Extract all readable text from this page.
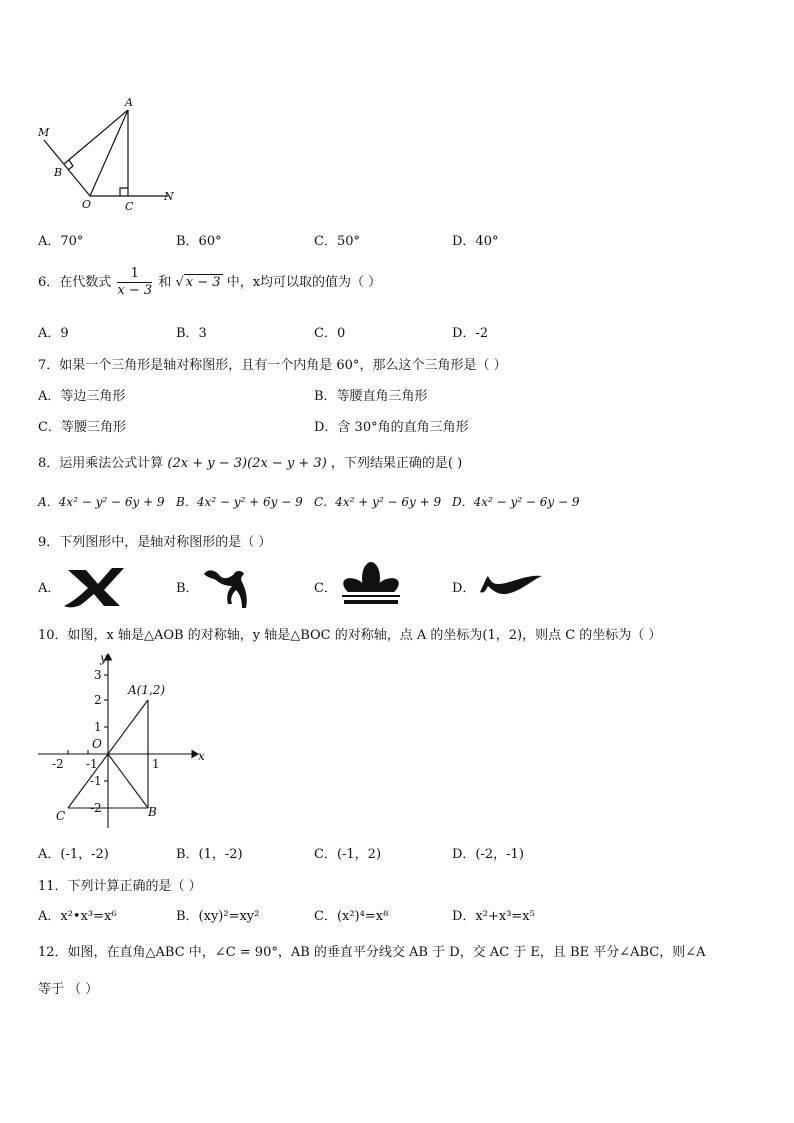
M
A
B
O	C
N
A．70°	B．60°	C．50°	D．40°
6．在代数式 $\frac{1}{x - 3}$ 和 √ x − 3 中，x均可以取的值为（ ）
A．9	B．3	C．0	D．-2
7．如果一个三角形是轴对称图形，且有一个内角是 60°，那么这个三角形是（ ）
A．等边三角形	B．等腰直角三角形
C．等腰三角形	D．含 30°角的直角三角形
8．运用乘法公式计算 (2x + y − 3)(2x − y + 3) ，下列结果正确的是( )
A．4x² − y² − 6y + 9 B．4x² − y² + 6y − 9 C．4x² + y² − 6y + 9 D．4x² − y² − 6y − 9
9．下列图形中，是轴对称图形的是（ ）
A．	B．	C．	D．
10．如图，x 轴是△AOB 的对称轴，y 轴是△BOC 的对称轴，点 A 的坐标为(1，2)，则点 C 的坐标为（ ）
y
x
O
A(1,2)
B
C
3
2
1
-1
-2
-2 -1	1
A．(-1，-2)	B．(1，-2)	C．(-1，2)	D．(-2，-1)
11．下列计算正确的是（ ）
A．x²•x³=x⁶	B．(xy)²=xy²	C．(x²)⁴=x⁸	D．x²+x³=x⁵
12．如图，在直角△ABC 中，∠C = 90°，AB 的垂直平分线交 AB 于 D，交 AC 于 E，且 BE 平分∠ABC，则∠A
等于 （ ）
